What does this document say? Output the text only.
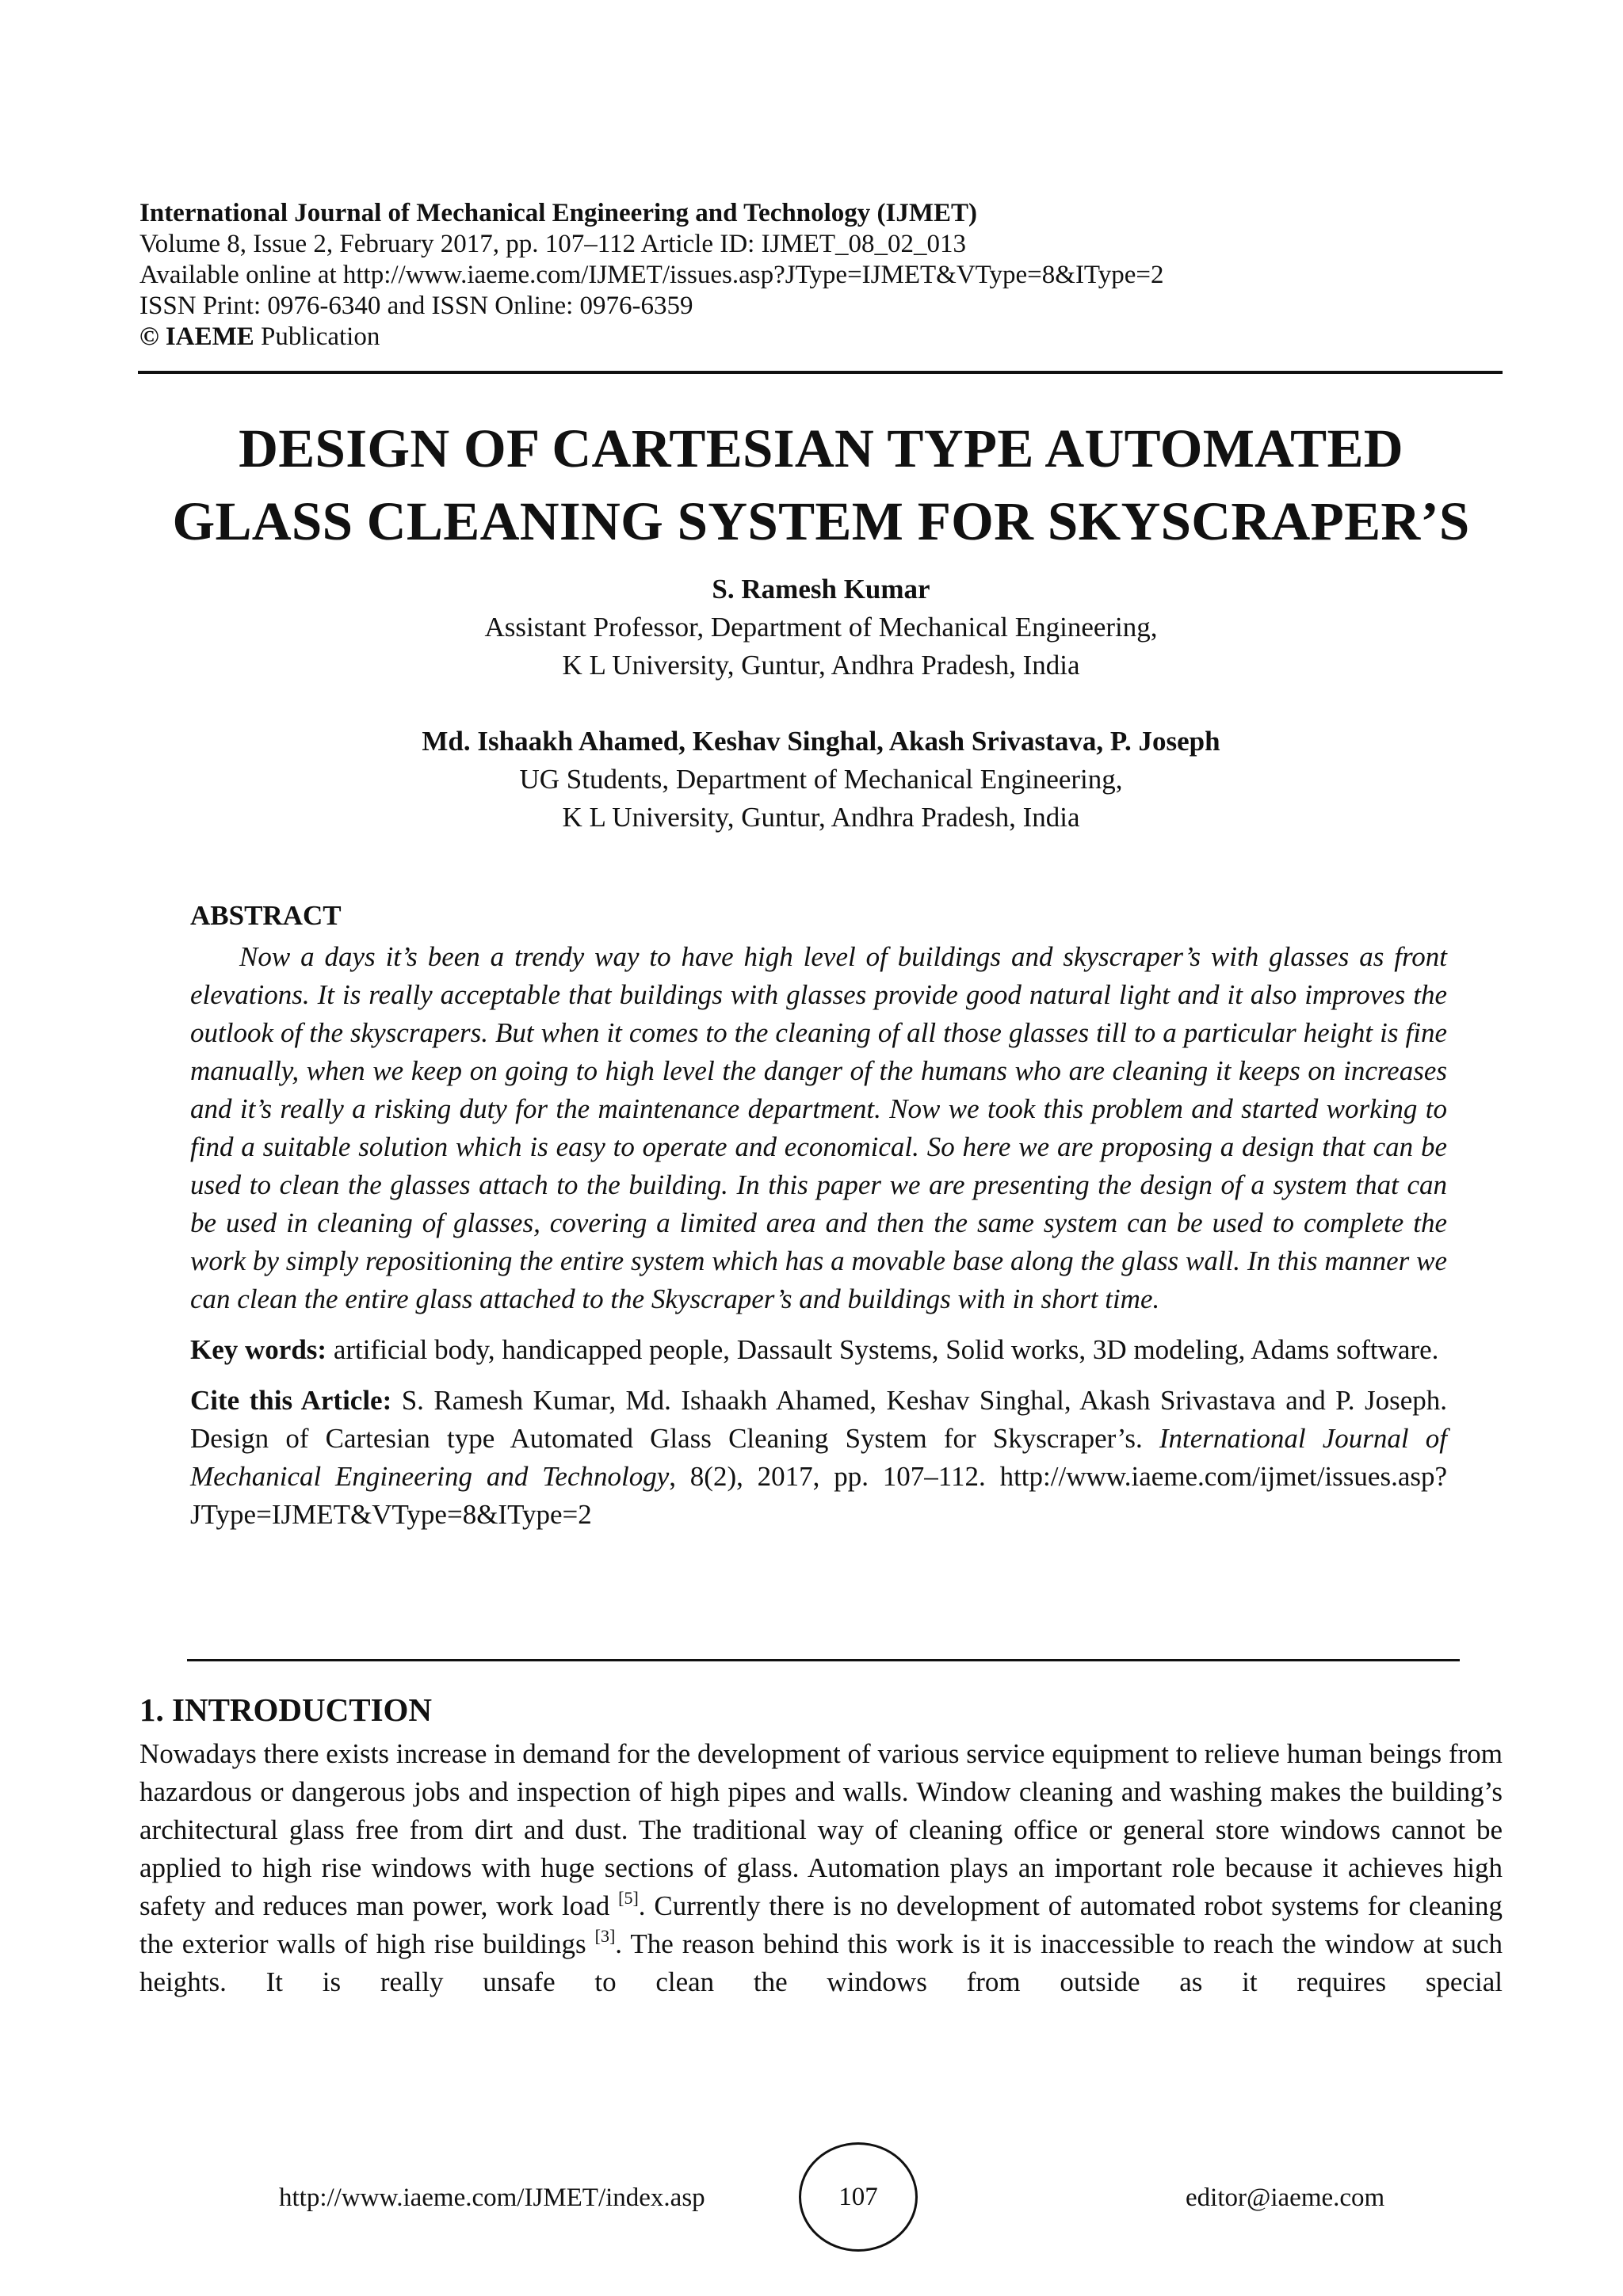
International Journal of Mechanical Engineering and Technology (IJMET)
Volume 8, Issue 2, February 2017, pp. 107–112 Article ID: IJMET_08_02_013
Available online at http://www.iaeme.com/IJMET/issues.asp?JType=IJMET&VType=8&IType=2
ISSN Print: 0976-6340 and ISSN Online: 0976-6359
© IAEME Publication
DESIGN OF CARTESIAN TYPE AUTOMATED
GLASS CLEANING SYSTEM FOR SKYSCRAPER’S
S. Ramesh Kumar
Assistant Professor, Department of Mechanical Engineering,
K L University, Guntur, Andhra Pradesh, India
Md. Ishaakh Ahamed, Keshav Singhal, Akash Srivastava, P. Joseph
UG Students, Department of Mechanical Engineering,
K L University, Guntur, Andhra Pradesh, India
ABSTRACT

Now a days it’s been a trendy way to have high level of buildings and skyscraper’s with glasses as front elevations. It is really acceptable that buildings with glasses provide good natural light and it also improves the outlook of the skyscrapers. But when it comes to the cleaning of all those glasses till to a particular height is fine manually, when we keep on going to high level the danger of the humans who are cleaning it keeps on increases and it’s really a risking duty for the maintenance department. Now we took this problem and started working to find a suitable solution which is easy to operate and economical. So here we are proposing a design that can be used to clean the glasses attach to the building. In this paper we are presenting the design of a system that can be used in cleaning of glasses, covering a limited area and then the same system can be used to complete the work by simply repositioning the entire system which has a movable base along the glass wall. In this manner we can clean the entire glass attached to the Skyscraper’s and buildings with in short time.

Key words: artificial body, handicapped people, Dassault Systems, Solid works, 3D modeling, Adams software.

Cite this Article: S. Ramesh Kumar, Md. Ishaakh Ahamed, Keshav Singhal, Akash Srivastava and P. Joseph. Design of Cartesian type Automated Glass Cleaning System for Skyscraper’s. International Journal of Mechanical Engineering and Technology, 8(2), 2017, pp. 107–112. http://www.iaeme.com/ijmet/issues.asp?JType=IJMET&VType=8&IType=2

1. INTRODUCTION

Nowadays there exists increase in demand for the development of various service equipment to relieve human beings from hazardous or dangerous jobs and inspection of high pipes and walls. Window cleaning and washing makes the building’s architectural glass free from dirt and dust. The traditional way of cleaning office or general store windows cannot be applied to high rise windows with huge sections of glass. Automation plays an important role because it achieves high safety and reduces man power, work load [5]. Currently there is no development of automated robot systems for cleaning the exterior walls of high rise buildings [3]. The reason behind this work is it is inaccessible to reach the window at such heights. It is really unsafe to clean the windows from outside as it requires special

http://www.iaeme.com/IJMET/index.asp	107	editor@iaeme.com
